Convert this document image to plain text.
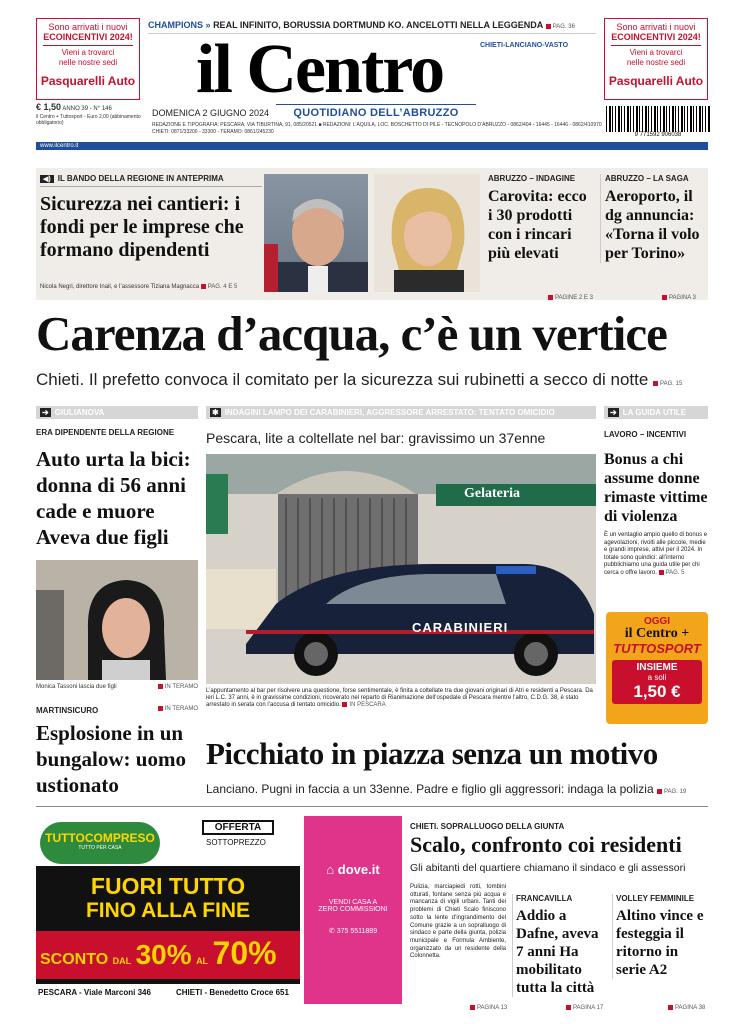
Sono arrivati i nuovi
ECOINCENTIVI 2024!
Vieni a trovarci
nelle nostre sedi
Pasquarelli Auto
CHAMPIONS » REAL INFINITO, BORUSSIA DORTMUND KO. ANCELOTTI NELLA LEGGENDA PAG. 36
il Centro	CHIETI-LANCIANO-VASTO
DOMENICA 2 GIUGNO 2024	QUOTIDIANO DELL’ABRUZZO
Sono arrivati i nuovi
ECOINCENTIVI 2024!
Vieni a trovarci
nelle nostre sedi
Pasquarelli Auto
€ 1,50 ANNO 39 - N° 146
il Centro + Tuttosport - Euro 2,00 (abbinamento obbligatorio)	REDAZIONE E TIPOGRAFIA: PESCARA, VIA TIBURTINA, 91, 085/20521 ■ REDAZIONI: L’AQUILA, LOC. BOSCHETTO DI PILE - TECNOPOLO D’ABRUZZO - 0862/404 - 16445 - 16446 - 0862/410970 CHIETI: 0871/33200 - 33300 - TERAMO: 0861/245230	9 771592 906038
www.ilcentro.it
◀) IL BANDO DELLA REGIONE IN ANTEPRIMA
Sicurezza nei cantieri: i fondi per le imprese che formano dipendenti
Nicola Negri, direttore Inail, e l’assessore Tiziana Magnacca PAG. 4 E 5
ABRUZZO – INDAGINE
Carovita: ecco i 30 prodotti con i rincari più elevati
PAGINE 2 E 3
ABRUZZO – LA SAGA
Aeroporto, il dg annuncia: «Torna il volo per Torino»
PAGINA 3
Carenza d’acqua, c’è un vertice
Chieti. Il prefetto convoca il comitato per la sicurezza sui rubinetti a secco di notte PAG. 15
➔ GIULIANOVA
ERA DIPENDENTE DELLA REGIONE
Auto urta la bici: donna di 56 anni cade e muore Aveva due figli
Monica Tassoni lascia due figli	IN TERAMO
MARTINSICURO	IN TERAMO
Esplosione in un bungalow: uomo ustionato
✱ INDAGINI LAMPO DEI CARABINIERI, AGGRESSORE ARRESTATO: TENTATO OMICIDIO
Pescara, lite a coltellate nel bar: gravissimo un 37enne
Gelateria
CARABINIERI
L’appuntamento al bar per risolvere una questione, forse sentimentale, è finita a coltellate tra due giovani originari di Atri e residenti a Pescara. Da ieri L.C. 37 anni, è in gravissime condizioni, ricoverato nel reparto di Rianimazione dell’ospedale di Pescara mentre l’altro, C.D.G. 38, è stato arrestato in serata con l’accusa di tentato omicidio. IN PESCARA
Picchiato in piazza senza un motivo
Lanciano. Pugni in faccia a un 33enne. Padre e figlio gli aggressori: indaga la polizia PAG. 19
➔ LA GUIDA UTILE
LAVORO – INCENTIVI
Bonus a chi assume donne rimaste vittime di violenza
È un ventaglio ampio quello di bonus e agevolazioni, rivolti alle piccole, medie e grandi imprese, attivi per il 2024. In totale sono quindici: all’interno pubblichiamo una guida utile per chi cerca o offre lavoro. PAG. 5
OGGI
il Centro +
TUTTOSPORT
INSIEME
a soli
1,50 €
TUTTOCOMPRESO
TUTTO PER CASA
OFFERTA
SOTTOPREZZO
FUORI TUTTO
FINO ALLA FINE
SCONTO DAL 30% AL 70%
PESCARA - Viale Marconi 346	CHIETI - Benedetto Croce 651
⌂ dove.it
VENDI CASA A
ZERO COMMISSIONI
✆ 375 5511889
CHIETI. SOPRALLUOGO DELLA GIUNTA
Scalo, confronto coi residenti
Gli abitanti del quartiere chiamano il sindaco e gli assessori
Pulizia, marciapiedi rotti, tombini otturati, fontane senza più acqua e mancanza di vigili urbani. Tanti dei problemi di Chieti Scalo finiscono sotto la lente d’ingrandimento del Comune grazie a un sopralluogo di sindaco e parte della giunta, polizia municipale e Formula Ambiente, organizzato da un residente della Colonnetta.
PAGINA 13
FRANCAVILLA
Addio a Dafne, aveva 7 anni Ha mobilitato tutta la città
PAGINA 17
VOLLEY FEMMINILE
Altino vince e festeggia il ritorno in serie A2
PAGINA 38
